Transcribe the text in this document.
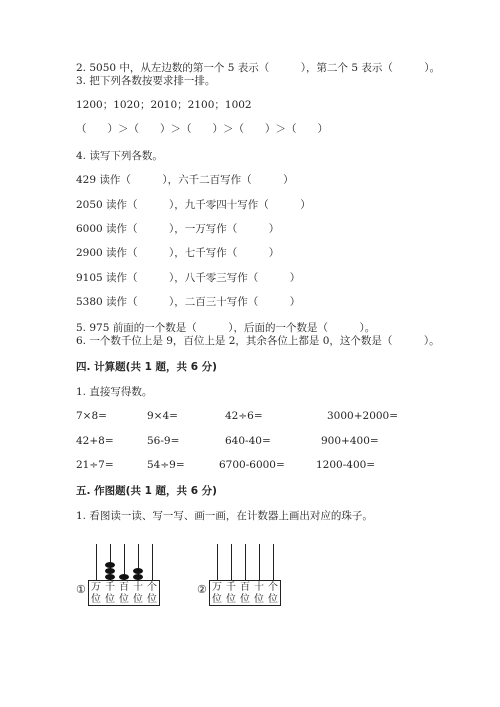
2. 5050 中，从左边数的第一个 5 表示（　　　），第二个 5 表示（　　　）。
3. 把下列各数按要求排一排。
1200；1020；2010；2100；1002
（　　）＞（　　）＞（　　）＞（　　）＞（　　）
4. 读写下列各数。
429 读作（　　　），六千二百写作（　　　）
2050 读作（　　　），九千零四十写作（　　　）
6000 读作（　　　），一万写作（　　　）
2900 读作（　　　），七千写作（　　　）
9105 读作（　　　），八千零三写作（　　　）
5380 读作（　　　），二百三十写作（　　　）
5. 975 前面的一个数是（　　　），后面的一个数是（　　　）。
6. 一个数千位上是 9，百位上是 2，其余各位上都是 0，这个数是（　　　）。
四. 计算题(共 1 题，共 6 分)
1. 直接写得数。
7×8=	9×4=	42÷6=	3000+2000=
42+8=	56-9=	640-40=	900+400=
21÷7=	54÷9=	6700-6000=	1200-400=
五. 作图题(共 1 题，共 6 分)
1. 看图读一读、写一写、画一画，在计数器上画出对应的珠子。
① 万 千 百 十 个
位 位 位 位 位
② 万 千 百 十 个
位 位 位 位 位
